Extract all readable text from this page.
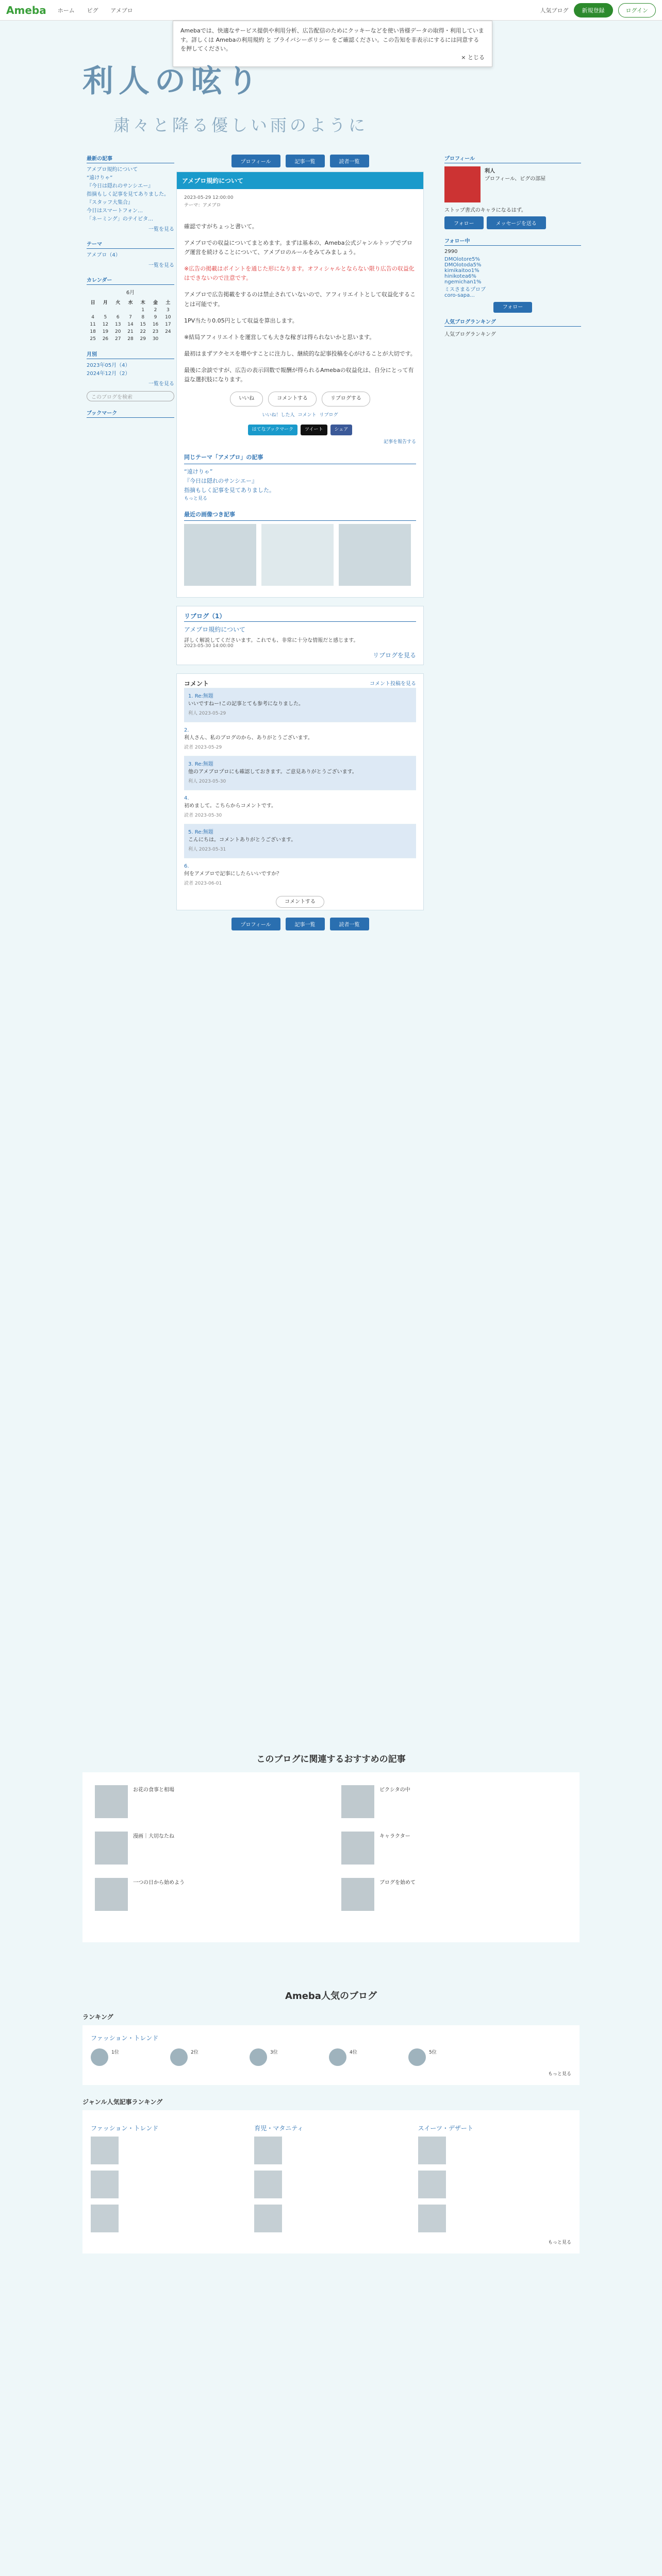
Ameba ホーム ピグ アメブロ	人気ブログ	新規登録	ログイン
Amebaでは、快適なサービス提供や利用分析、広告配信のためにクッキーなどを使い皆様データの取得・利用しています。詳しくは Amebaの利用規約 と プライバシーポリシー をご確認ください。この告知を非表示にするには同意するを押してください。
× とじる
利人の呟り
粛々と降る優しい雨のように
最新の記事
アメブロ規約について
“遠けりゃ”
『今日は隠れのサンシエー』
指摘もしく記事を見てありました。
『スタッフ大集合』
今日はスマートフォン…
「ネーミング」のテイピタ…
一覧を見る
テーマ
アメブロ（4）
一覧を見る
カレンダー
6月
日	月	火	水	木	金	土
				1	2	3
4	5	6	7	8	9	10
11	12	13	14	15	16	17
18	19	20	21	22	23	24
25	26	27	28	29	30	
月別
2023年05月（4）
2024年12月（2）
一覧を見る
このブログを検索
ブックマーク
プロフィール
利人
プロフィール、ピグの部屋
ストップ書式のキャラになるはず。
フォロー	メッセージを送る
フォロー中
2990
DMOlotore5%
DMOlotoda5%
kimikaitoo1%
hinikotea6%
ngemichan1%
ミスさまるプロブ
coro-sapa...
フォロー
人気ブログランキング
人気ブログランキング
プロフィール	記事一覧	読者一覧
アメブロ規約について
2023-05-29 12:00:00
テーマ：アメブロ

確認ですがちょっと書いて。

アメブロでの収益についてまとめます。まずは基本の、Ameba公式ジャンルトップでブログ運営を続けることについて、アメブロのルールをみてみましょう。

※広告の掲載はポイントを通じた形になります。オフィシャルとならない限り広告の収益化はできないので注意です。

アメブロで広告掲載をするのは禁止されていないので、アフィリエイトとして収益化することは可能です。

1PV当たり0.05円として収益を算出します。

※結局アフィリエイトを運営しても大きな稼ぎは得られないかと思います。

最初はまずアクセスを増やすことに注力し、継続的な記事投稿を心がけることが大切です。

最後に余談ですが、広告の表示回数で報酬が得られるAmebaの収益化は、自分にとって有益な選択肢になります。

いいね	コメントする	リブログする
いいね！した人 コメント リブログ
はてなブックマーク	ツイート	シェア
記事を報告する
同じテーマ「アメブロ」の記事
“遠けりゃ”
『今日は隠れのサンシエー』
指摘もしく記事を見てありました。
もっと見る
最近の画像つき記事
リブログ（1）
アメブロ規約について
詳しく解説してくださいます。これでも、非常に十分な情報だと感じます。
2023-05-30 14:00:00
リブログを見る
コメント	コメント投稿を見る
1. Re:無題
いいですねー!この記事とても参考になりました。
利人 2023-05-29
2.
利人さん、私のブログのから、ありがとうございます。
読者 2023-05-29
3. Re:無題
他のアメブロプロにも確認しておきます。ご意見ありがとうございます。
利人 2023-05-30
4.
初めまして。こちらからコメントです。
読者 2023-05-30
5. Re:無題
こんにちは。コメントありがとうございます。
利人 2023-05-31
6.
何をアメブロで記事にしたらいいですか？
読者 2023-06-01
コメントする
プロフィール	記事一覧	読者一覧
このブログに関連するおすすめの記事
お花の食事と相場	ピクシタの中
漫画｜大切なたね	キャラクター
一つの日から始めよう	ブログを始めて
Ameba人気のブログ
ランキング
ファッション・トレンド
1位	2位	3位	4位	5位
もっと見る
ジャンル人気記事ランキング
ファッション・トレンド	育児・マタニティ	スイーツ・デザート
もっと見る
